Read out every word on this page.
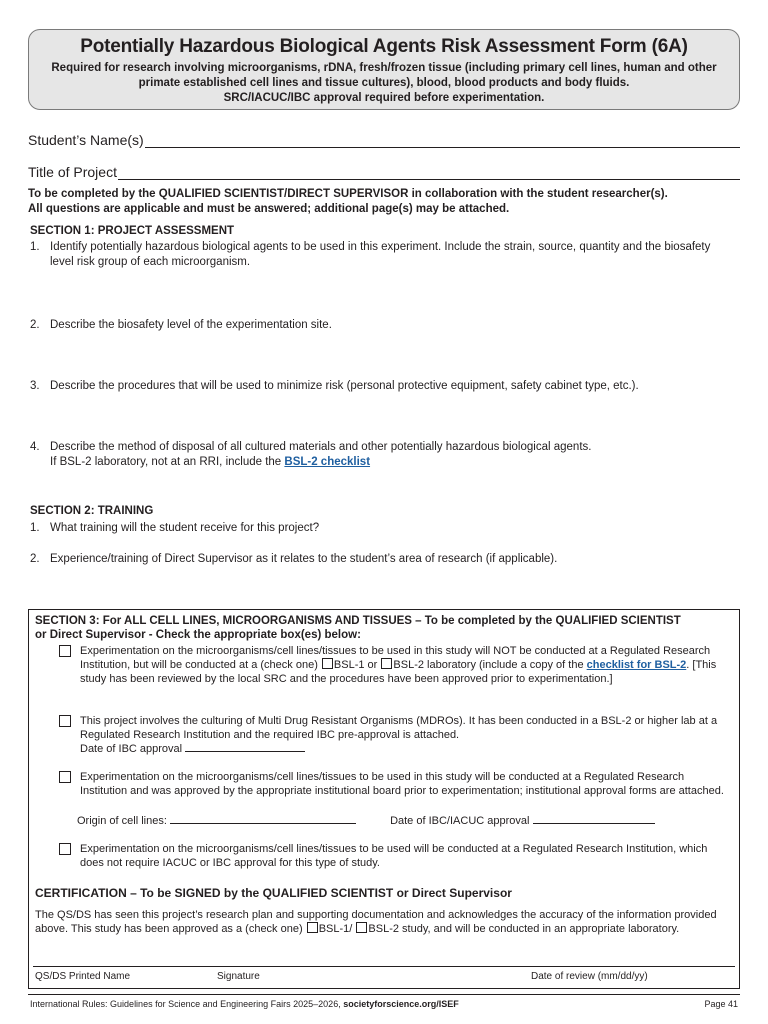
Potentially Hazardous Biological Agents Risk Assessment Form (6A)
Required for research involving microorganisms, rDNA, fresh/frozen tissue (including primary cell lines, human and other primate established cell lines and tissue cultures), blood, blood products and body fluids.
SRC/IACUC/IBC approval required before experimentation.
Student’s Name(s)
Title of Project
To be completed by the QUALIFIED SCIENTIST/DIRECT SUPERVISOR in collaboration with the student researcher(s).
All questions are applicable and must be answered; additional page(s) may be attached.
SECTION 1: PROJECT ASSESSMENT
1. Identify potentially hazardous biological agents to be used in this experiment. Include the strain, source, quantity and the biosafety level risk group of each microorganism.
2. Describe the biosafety level of the experimentation site.
3. Describe the procedures that will be used to minimize risk (personal protective equipment, safety cabinet type, etc.).
4. Describe the method of disposal of all cultured materials and other potentially hazardous biological agents.
If BSL-2 laboratory, not at an RRI, include the BSL-2 checklist
SECTION 2: TRAINING
1. What training will the student receive for this project?
2. Experience/training of Direct Supervisor as it relates to the student’s area of research (if applicable).
SECTION 3: For ALL CELL LINES, MICROORGANISMS AND TISSUES – To be completed by the QUALIFIED SCIENTIST
or Direct Supervisor - Check the appropriate box(es) below:
Experimentation on the microorganisms/cell lines/tissues to be used in this study will NOT be conducted at a Regulated Research Institution, but will be conducted at a (check one) BSL-1 or BSL-2 laboratory (include a copy of the checklist for BSL-2. [This study has been reviewed by the local SRC and the procedures have been approved prior to experimentation.]
This project involves the culturing of Multi Drug Resistant Organisms (MDROs). It has been conducted in a BSL-2 or higher lab at a Regulated Research Institution and the required IBC pre-approval is attached.
Date of IBC approval
Experimentation on the microorganisms/cell lines/tissues to be used in this study will be conducted at a Regulated Research Institution and was approved by the appropriate institutional board prior to experimentation; institutional approval forms are attached.
Origin of cell lines:	Date of IBC/IACUC approval
Experimentation on the microorganisms/cell lines/tissues to be used will be conducted at a Regulated Research Institution, which does not require IACUC or IBC approval for this type of study.
CERTIFICATION – To be SIGNED by the QUALIFIED SCIENTIST or Direct Supervisor
The QS/DS has seen this project’s research plan and supporting documentation and acknowledges the accuracy of the information provided above. This study has been approved as a (check one) BSL-1/ BSL-2 study, and will be conducted in an appropriate laboratory.
QS/DS Printed Name	Signature	Date of review (mm/dd/yy)
International Rules: Guidelines for Science and Engineering Fairs 2025–2026, societyforscience.org/ISEF	Page 41
